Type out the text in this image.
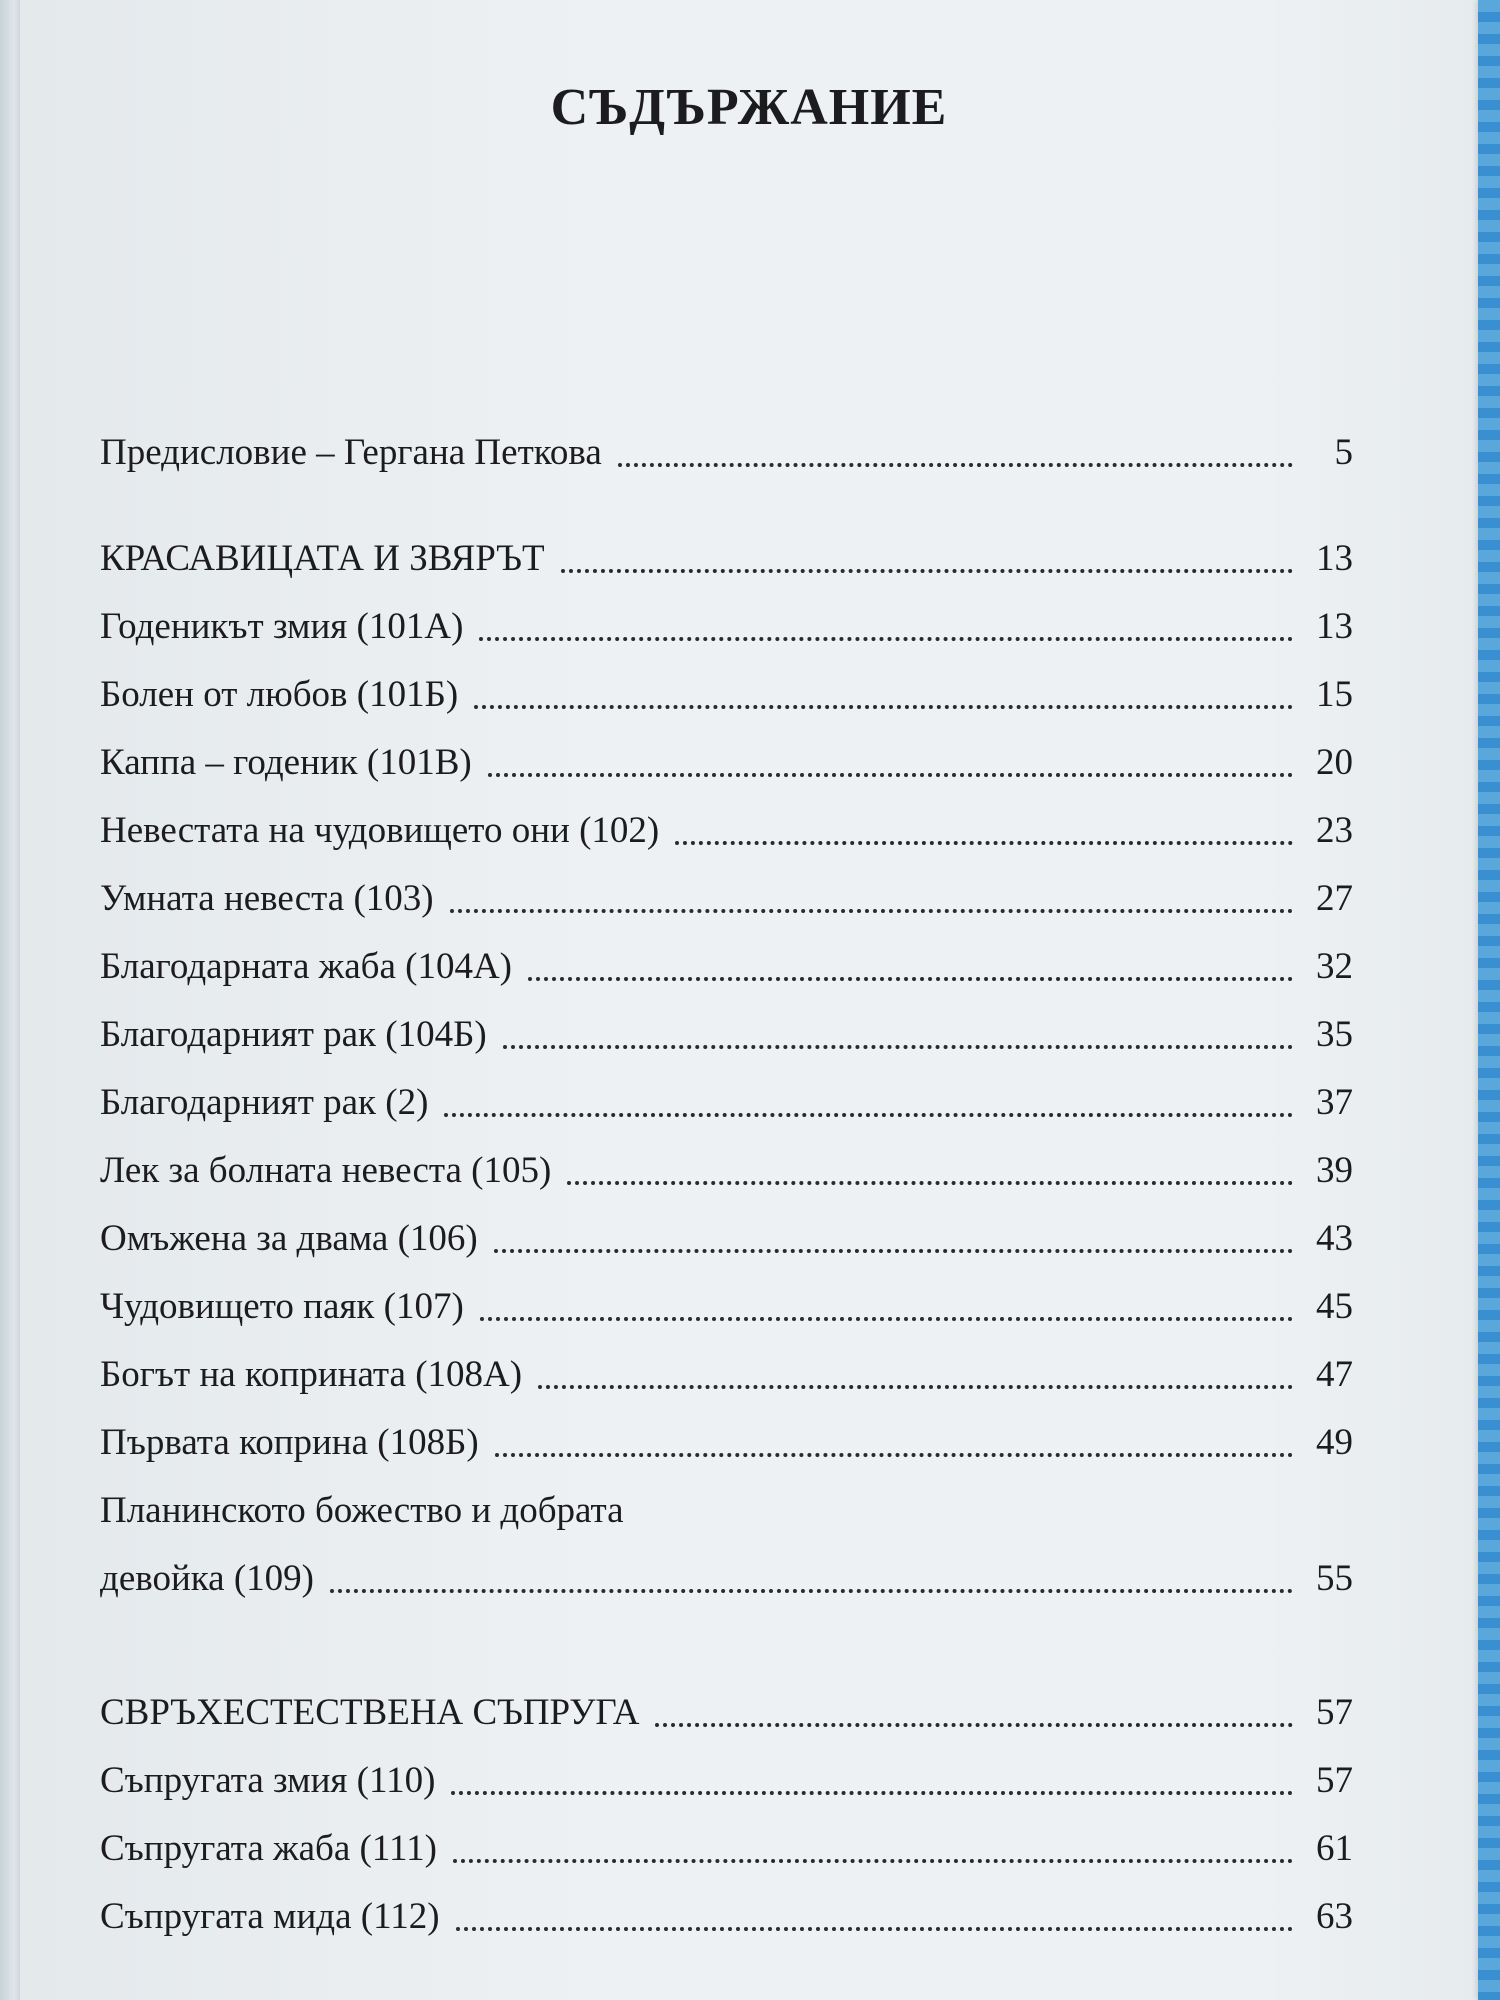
СЪДЪРЖАНИЕ
Предисловие – Гергана Петкова	5
КРАСАВИЦАТА И ЗВЯРЪТ	13
Годеникът змия (101А)	13
Болен от любов (101Б)	15
Каппа – годеник (101В)	20
Невестата на чудовището они (102)	23
Умната невеста (103)	27
Благодарната жаба (104А)	32
Благодарният рак (104Б)	35
Благодарният рак (2)	37
Лек за болната невеста (105)	39
Омъжена за двама (106)	43
Чудовището паяк (107)	45
Богът на коприната (108А)	47
Първата коприна (108Б)	49
Планинското божество и добрата
девойка (109)	55
СВРЪХЕСТЕСТВЕНА СЪПРУГА	57
Съпругата змия (110)	57
Съпругата жаба (111)	61
Съпругата мида (112)	63
